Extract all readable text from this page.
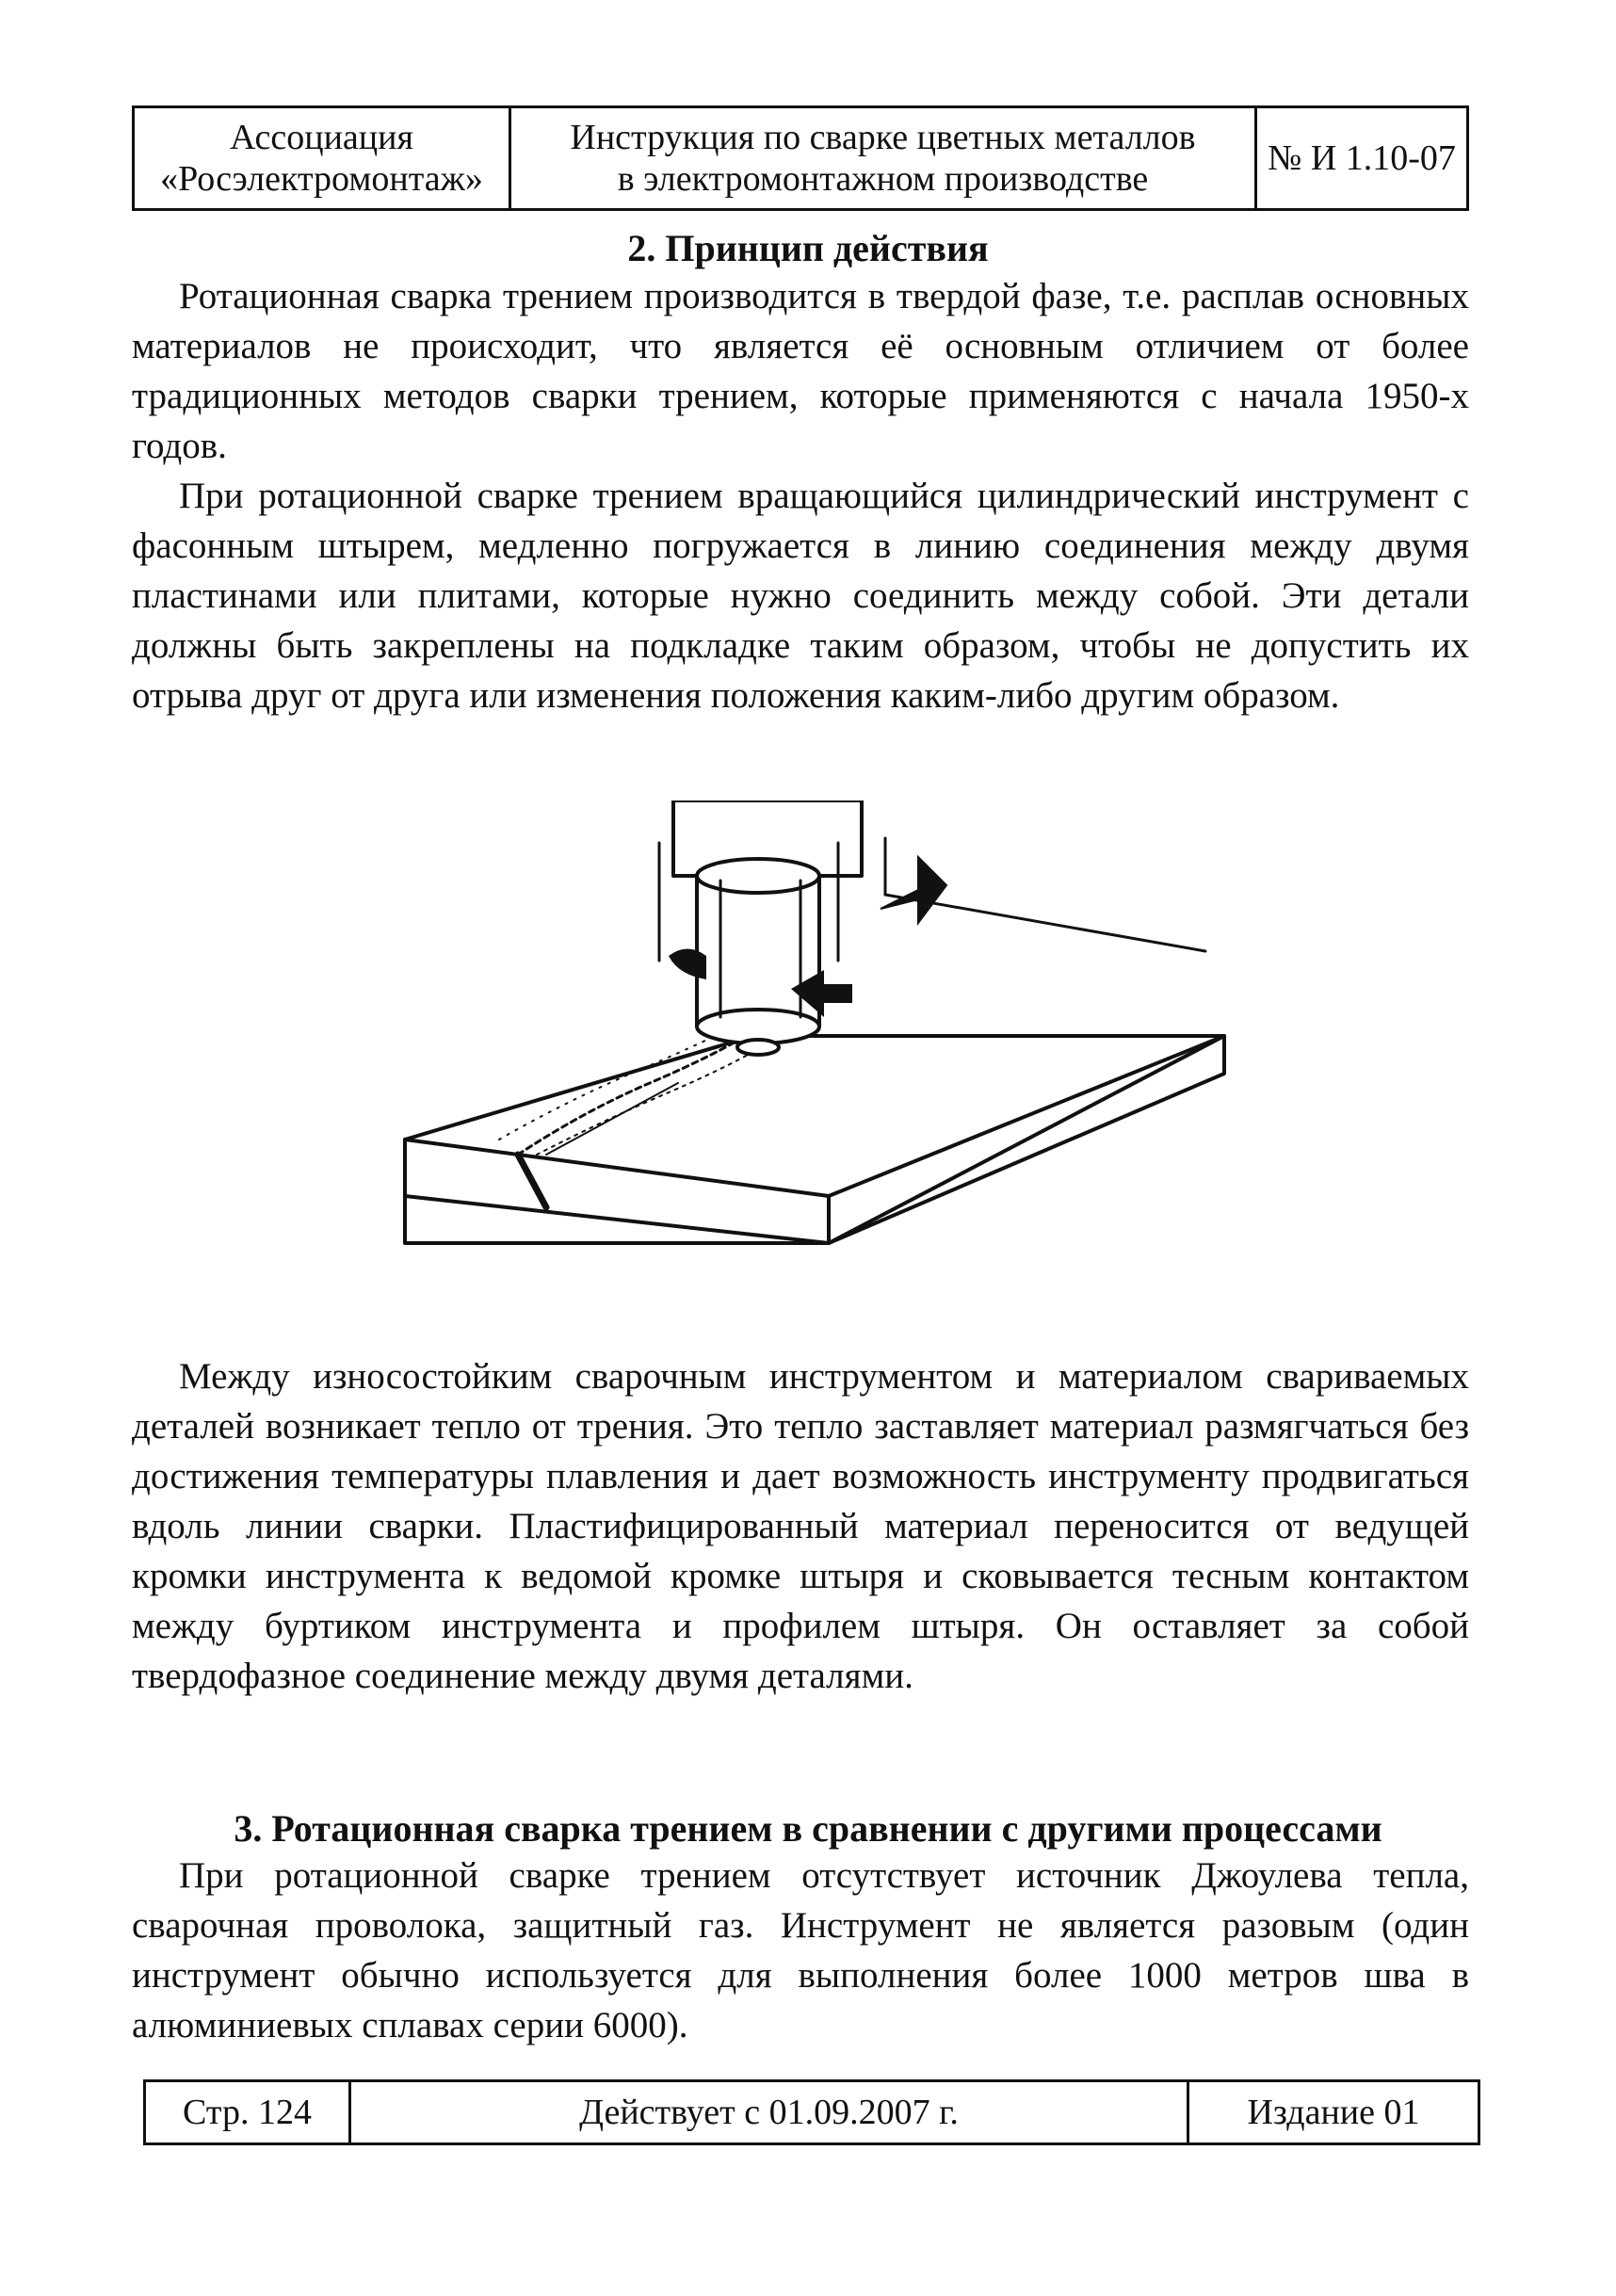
Ассоциация
«Росэлектромонтаж»
Инструкция по сварке цветных металлов
в электромонтажном производстве
№ И 1.10-07
2. Принцип действия

Ротационная сварка трением производится в твердой фазе, т.е. расплав основных материалов не происходит, что является её основным отличием от более традиционных методов сварки трением, которые применяются с начала 1950-х годов.

При ротационной сварке трением вращающийся цилиндрический инструмент с фасонным штырем, медленно погружается в линию соединения между двумя пластинами или плитами, которые нужно соединить между собой. Эти детали должны быть закреплены на подкладке таким образом, чтобы не допустить их отрыва друг от друга или изменения положения каким-либо другим образом.

Между износостойким сварочным инструментом и материалом свариваемых деталей возникает тепло от трения. Это тепло заставляет материал размягчаться без достижения температуры плавления и дает возможность инструменту продвигаться вдоль линии сварки. Пластифицированный материал переносится от ведущей кромки инструмента к ведомой кромке штыря и сковывается тесным контактом между буртиком инструмента и профилем штыря. Он оставляет за собой твердофазное соединение между двумя деталями.

3. Ротационная сварка трением в сравнении с другими процессами

При ротационной сварке трением отсутствует источник Джоулева тепла, сварочная проволока, защитный газ. Инструмент не является разовым (один инструмент обычно используется для выполнения более 1000 метров шва в алюминиевых сплавах серии 6000).

Стр. 124	Действует с 01.09.2007 г.	Издание 01
